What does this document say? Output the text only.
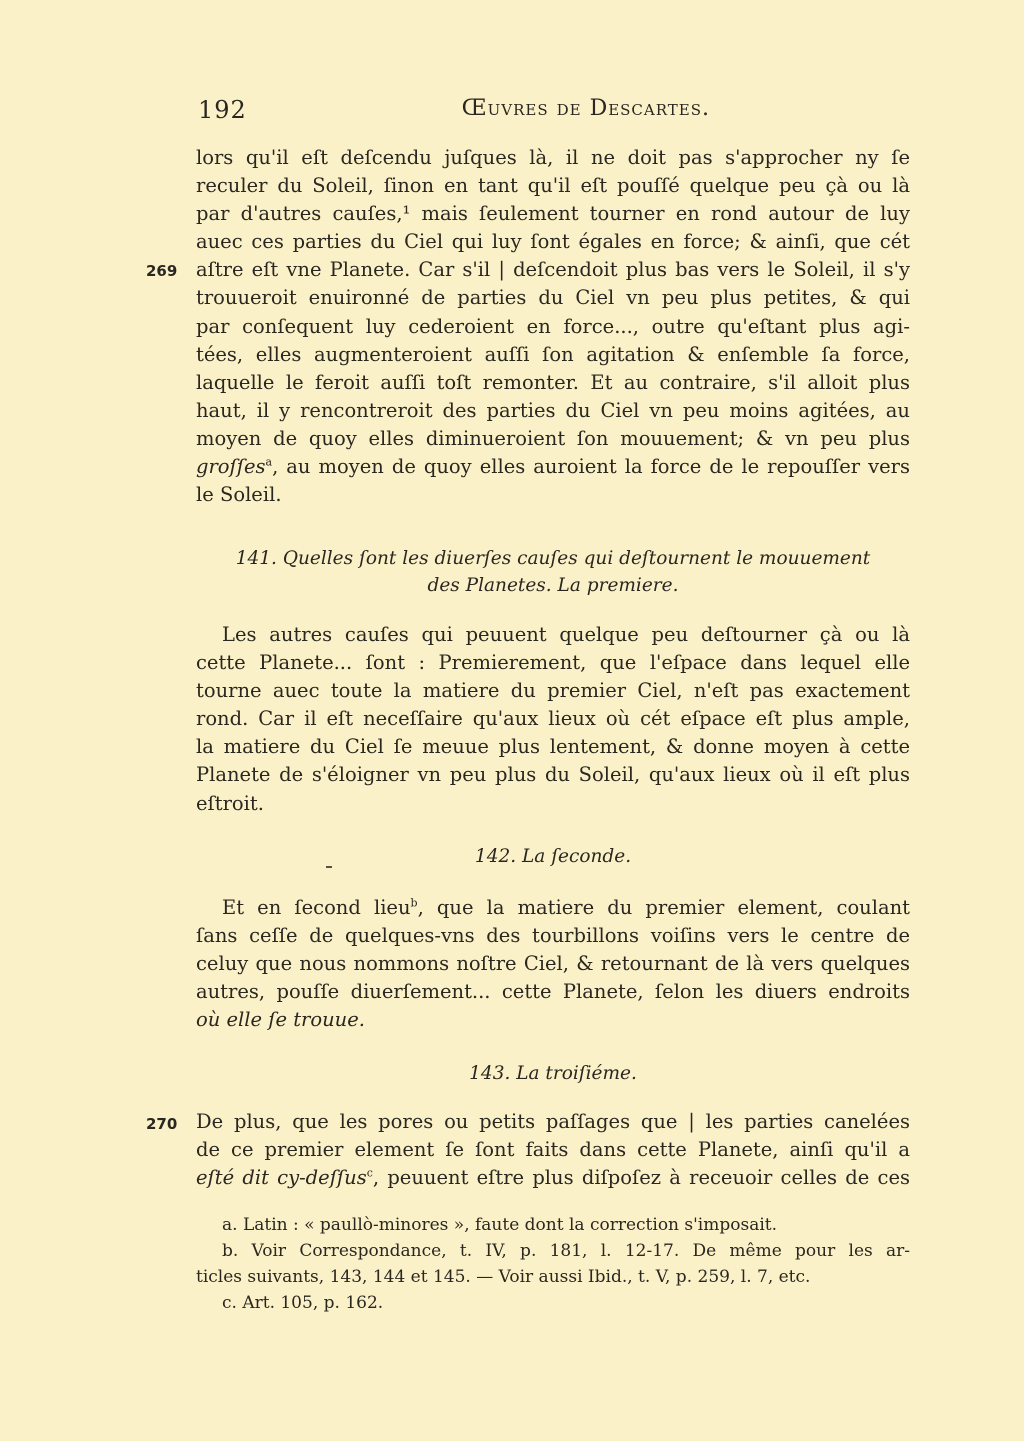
192	Œuvres de Descartes.
lors qu'il eſt deſcendu juſques là, il ne doit pas s'approcher ny ſe
reculer du Soleil, ſinon en tant qu'il eſt pouſſé quelque peu çà ou là
par d'autres cauſes,¹ mais ſeulement tourner en rond autour de luy
auec ces parties du Ciel qui luy ſont égales en force; & ainſi, que cét
aſtre eſt vne Planete. Car s'il | deſcendoit plus bas vers le Soleil, il s'y
trouueroit enuironné de parties du Ciel vn peu plus petites, & qui
par conſequent luy cederoient en force..., outre qu'eſtant plus agi-
tées, elles augmenteroient auſſi ſon agitation & enſemble ſa force,
laquelle le feroit auſſi toſt remonter. Et au contraire, s'il alloit plus
haut, il y rencontreroit des parties du Ciel vn peu moins agitées, au
moyen de quoy elles diminueroient ſon mouuement; & vn peu plus
groſſes$^a$, au moyen de quoy elles auroient la force de le repouſſer vers
le Soleil.
269
141. Quelles ſont les diuerſes cauſes qui deſtournent le mouuement
des Planetes. La premiere.
Les autres cauſes qui peuuent quelque peu deſtourner çà ou là
cette Planete... ſont : Premierement, que l'eſpace dans lequel elle
tourne auec toute la matiere du premier Ciel, n'eſt pas exactement
rond. Car il eſt neceſſaire qu'aux lieux où cét eſpace eſt plus ample,
la matiere du Ciel ſe meuue plus lentement, & donne moyen à cette
Planete de s'éloigner vn peu plus du Soleil, qu'aux lieux où il eſt plus
eſtroit.
142. La ſeconde.
Et en ſecond lieu$^b$, que la matiere du premier element, coulant
ſans ceſſe de quelques-vns des tourbillons voiſins vers le centre de
celuy que nous nommons noſtre Ciel, & retournant de là vers quelques
autres, pouſſe diuerſement... cette Planete, ſelon les diuers endroits
où elle ſe trouue.
143. La troiſiéme.
270 De plus, que les pores ou petits paſſages que | les parties canelées
de ce premier element ſe ſont faits dans cette Planete, ainſi qu'il a
eſté dit cy-deſſus$^c$, peuuent eſtre plus diſpoſez à receuoir celles de ces
a. Latin : « paullò-minores », faute dont la correction s'imposait.
b. Voir Correspondance, t. IV, p. 181, l. 12-17. De même pour les ar-
ticles suivants, 143, 144 et 145. — Voir aussi Ibid., t. V, p. 259, l. 7, etc.
c. Art. 105, p. 162.
